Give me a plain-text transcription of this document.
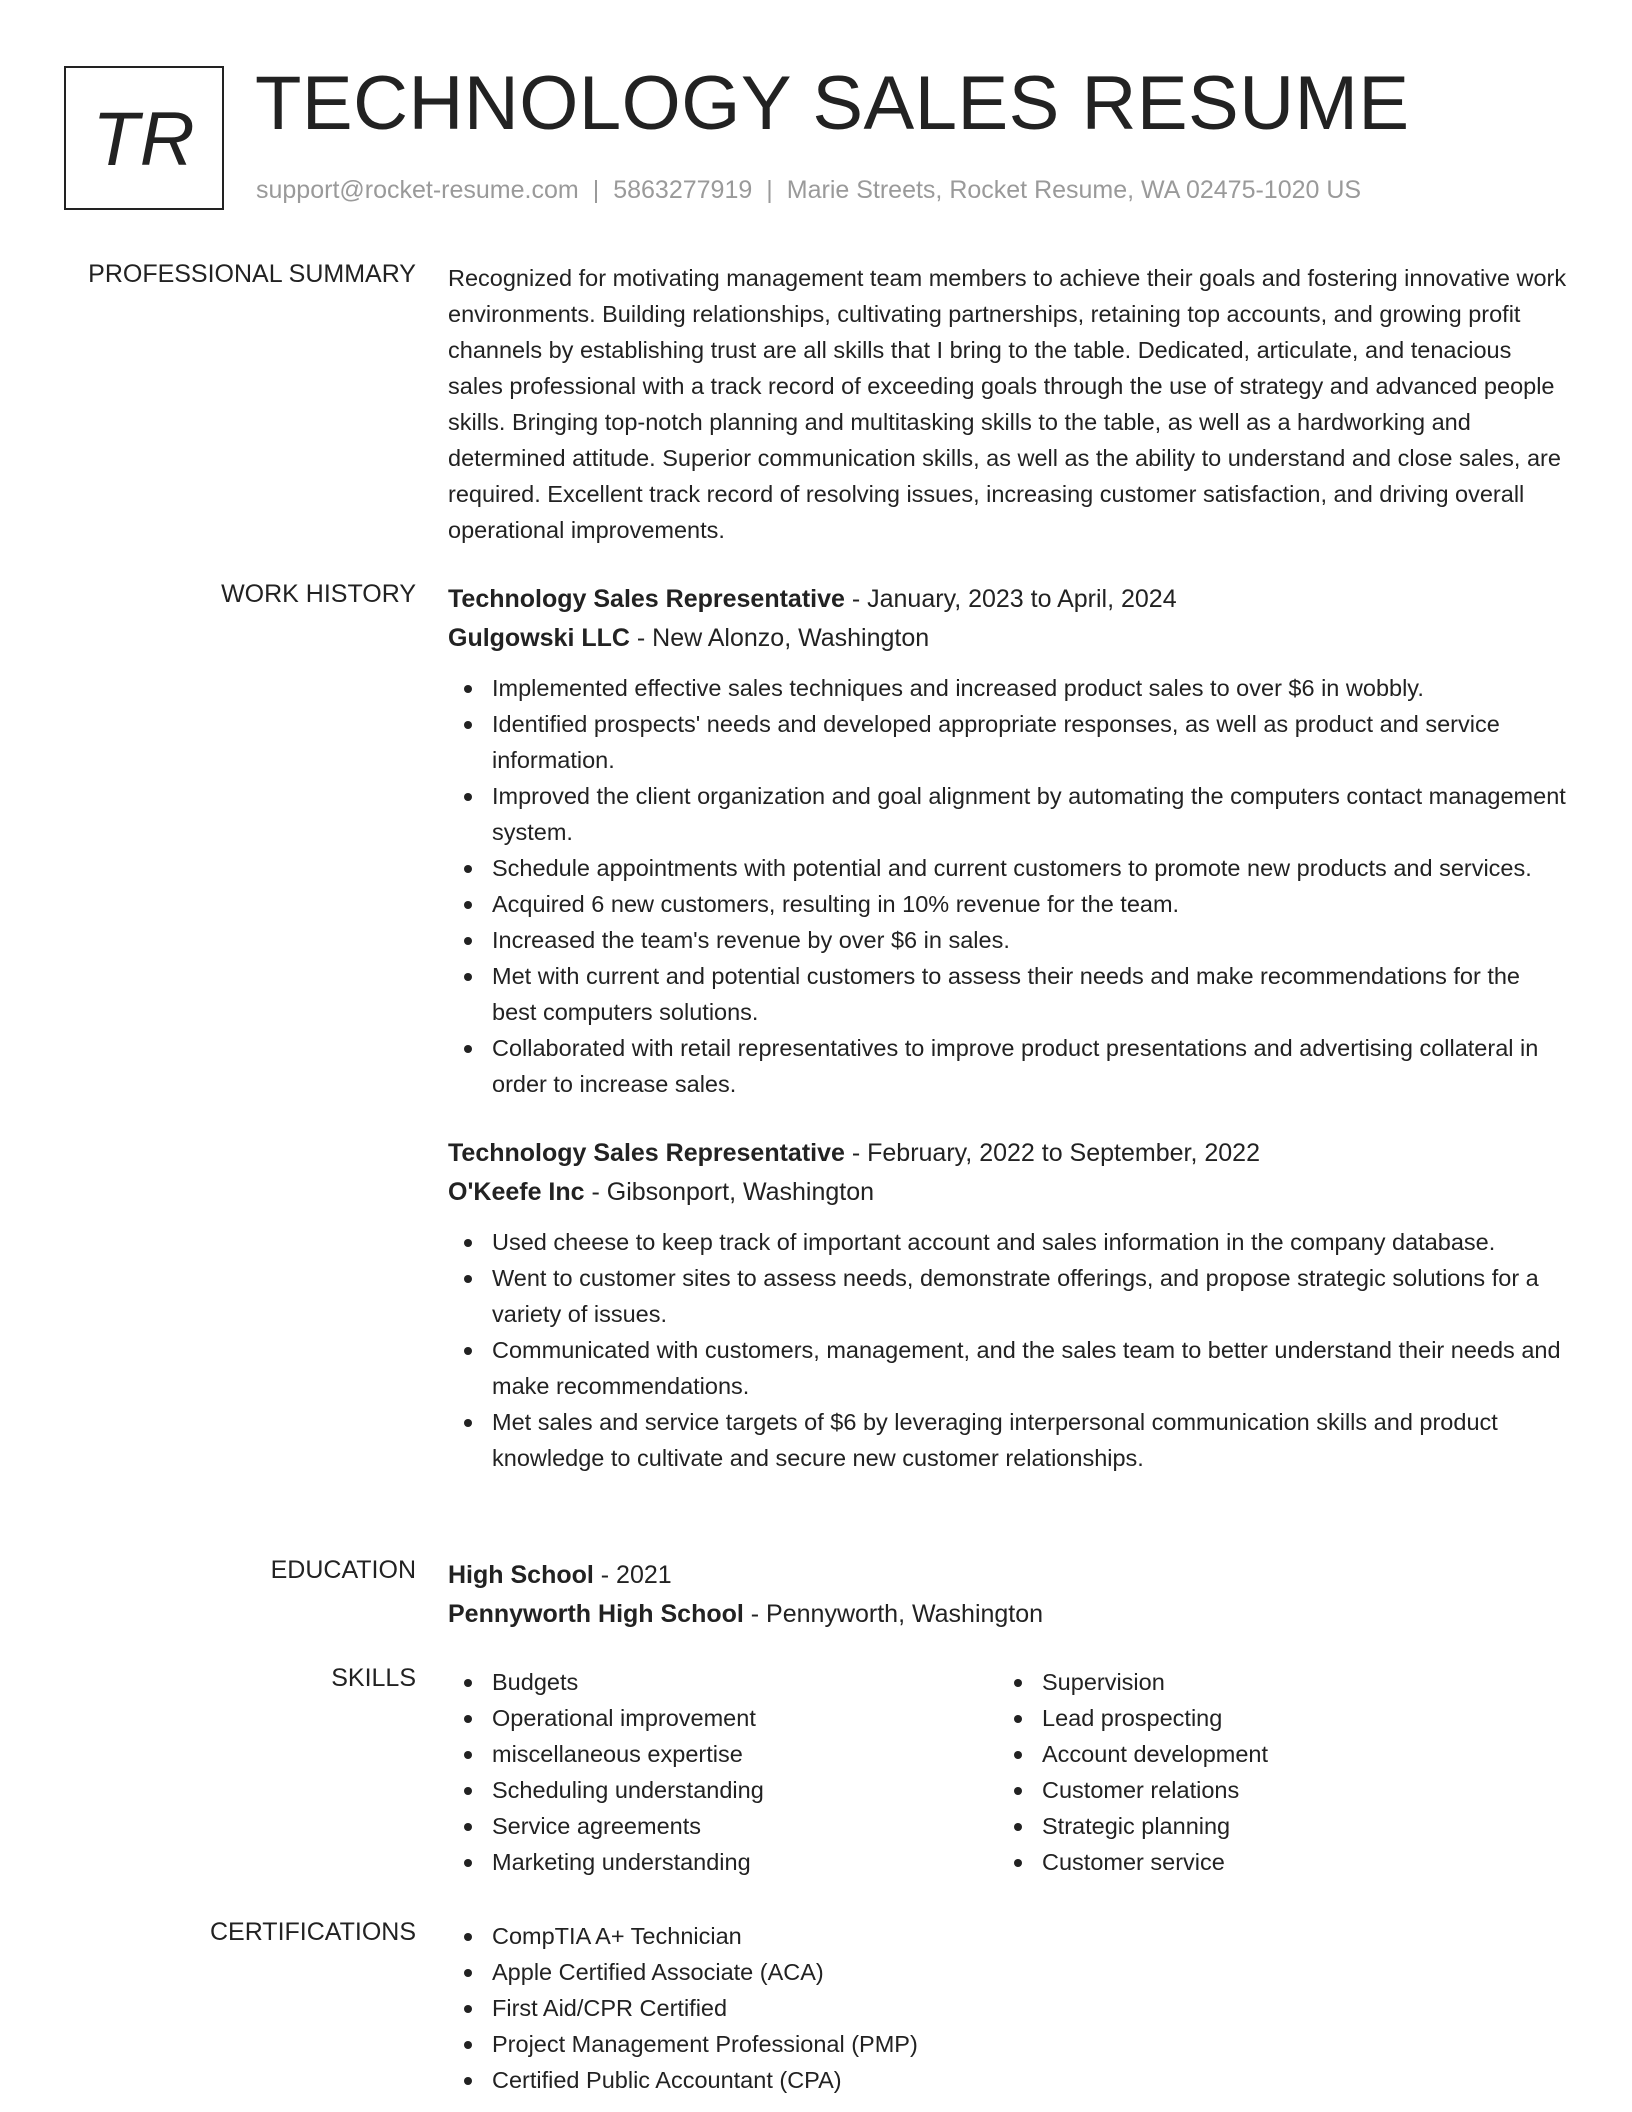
TR TECHNOLOGY SALES RESUME
support@rocket-resume.com | 5863277919 | Marie Streets, Rocket Resume, WA 02475-1020 US
PROFESSIONAL SUMMARY Recognized for motivating management team members to achieve their goals and fostering innovative work environments. Building relationships, cultivating partnerships, retaining top accounts, and growing profit channels by establishing trust are all skills that I bring to the table. Dedicated, articulate, and tenacious sales professional with a track record of exceeding goals through the use of strategy and advanced people skills. Bringing top-notch planning and multitasking skills to the table, as well as a hardworking and determined attitude. Superior communication skills, as well as the ability to understand and close sales, are required. Excellent track record of resolving issues, increasing customer satisfaction, and driving overall operational improvements.
WORK HISTORY Technology Sales Representative - January, 2023 to April, 2024
Gulgowski LLC - New Alonzo, Washington
Implemented effective sales techniques and increased product sales to over $6 in wobbly.
Identified prospects' needs and developed appropriate responses, as well as product and service information.
Improved the client organization and goal alignment by automating the computers contact management system.
Schedule appointments with potential and current customers to promote new products and services.
Acquired 6 new customers, resulting in 10% revenue for the team.
Increased the team's revenue by over $6 in sales.
Met with current and potential customers to assess their needs and make recommendations for the best computers solutions.
Collaborated with retail representatives to improve product presentations and advertising collateral in order to increase sales.
Technology Sales Representative - February, 2022 to September, 2022
O'Keefe Inc - Gibsonport, Washington
Used cheese to keep track of important account and sales information in the company database.
Went to customer sites to assess needs, demonstrate offerings, and propose strategic solutions for a variety of issues.
Communicated with customers, management, and the sales team to better understand their needs and make recommendations.
Met sales and service targets of $6 by leveraging interpersonal communication skills and product knowledge to cultivate and secure new customer relationships.
EDUCATION High School - 2021
Pennyworth High School - Pennyworth, Washington
SKILLS	Budgets
Operational improvement
miscellaneous expertise
Scheduling understanding
Service agreements
Marketing understanding
Supervision
Lead prospecting
Account development
Customer relations
Strategic planning
Customer service
CERTIFICATIONS	CompTIA A+ Technician
Apple Certified Associate (ACA)
First Aid/CPR Certified
Project Management Professional (PMP)
Certified Public Accountant (CPA)
